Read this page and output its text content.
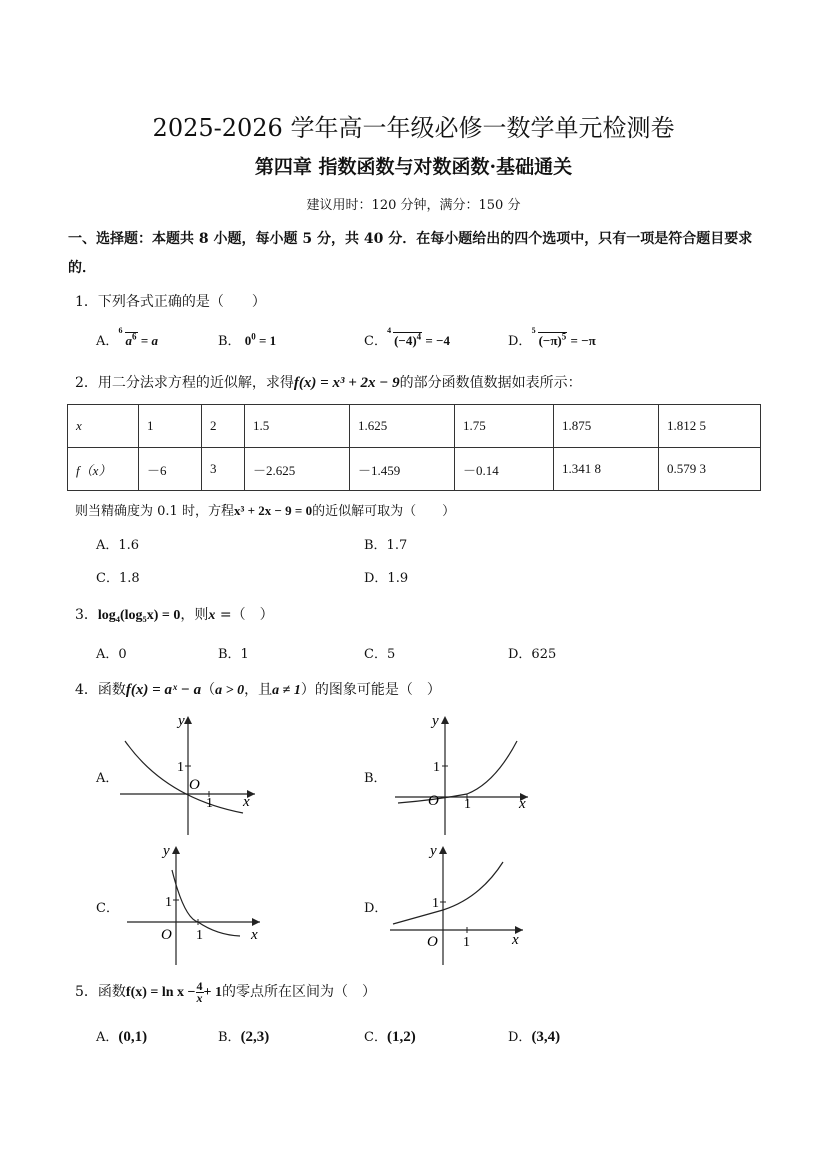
2025-2026 学年高一年级必修一数学单元检测卷
第四章 指数函数与对数函数·基础通关
建议用时：120 分钟，满分：150 分
一、选择题：本题共 8 小题，每小题 5 分，共 40 分．在每小题给出的四个选项中，只有一项是符合题目要求的．
1．下列各式正确的是（　　）
A．
6
$a^6 = a$	B． $0^0 = 1$	C．
4
$(-4)^4 = -4$	D．
5
$(-\pi)^5 = -\pi$
2．用二分法求方程的近似解，求得f(x) = x³ + 2x − 9的部分函数值数据如表所示：
x	1	2	1.5	1.625	1.75	1.875	1.812 5
f（x）	－6	3	－2.625	－1.459	－0.14	1.341 8	0.579 3
则当精确度为 0.1 时，方程x³ + 2x − 9 = 0的近似解可取为（　　）
A．1.6	B．1.7
C．1.8	D．1.9
3．log₄(log₅x) = 0，则x =（　）
A．0	B．1	C．5	D．625
4．函数f(x) = aˣ − a（a > 0，且a ≠ 1）的图象可能是（　）
A．	B．
C．	D．
y
x
O
1
1
y
x
O
1
1
y
x
O
1
1
y
x
O
1
1
5．函数$f(x) = \ln x - \frac{4}{x} + 1$的零点所在区间为（　）
A．(0,1)	B．(2,3)	C．(1,2)	D．(3,4)
